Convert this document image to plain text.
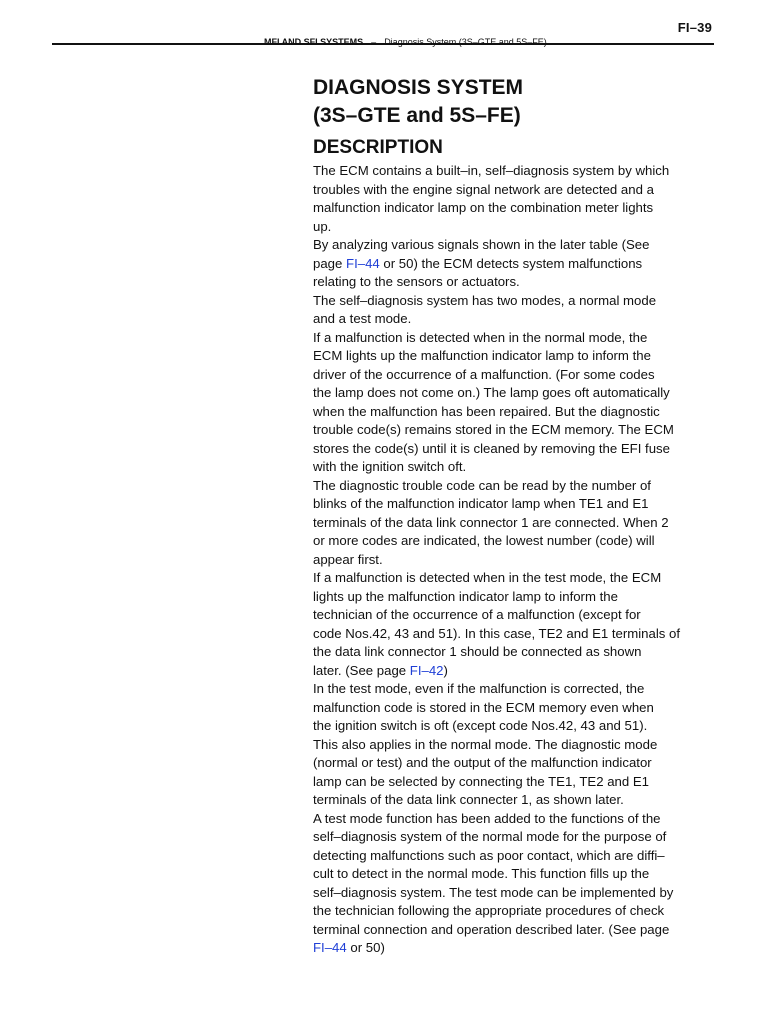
FI–39
MFI AND SFI SYSTEMS – Diagnosis System (3S–GTE and 5S–FE)
DIAGNOSIS SYSTEM
(3S–GTE and 5S–FE)
DESCRIPTION

The ECM contains a built–in, self–diagnosis system by which
troubles with the engine signal network are detected and a
malfunction indicator lamp on the combination meter lights
up.

By analyzing various signals shown in the later table (See
page FI–44 or 50) the ECM detects system malfunctions
relating to the sensors or actuators.

The self–diagnosis system has two modes, a normal mode
and a test mode.

If a malfunction is detected when in the normal mode, the
ECM lights up the malfunction indicator lamp to inform the
driver of the occurrence of a malfunction. (For some codes
the lamp does not come on.) The lamp goes oft automatically
when the malfunction has been repaired. But the diagnostic
trouble code(s) remains stored in the ECM memory. The ECM
stores the code(s) until it is cleaned by removing the EFI fuse
with the ignition switch oft.

The diagnostic trouble code can be read by the number of
blinks of the malfunction indicator lamp when TE1 and E1
terminals of the data link connector 1 are connected. When 2
or more codes are indicated, the lowest number (code) will
appear first.

If a malfunction is detected when in the test mode, the ECM
lights up the malfunction indicator lamp to inform the
technician of the occurrence of a malfunction (except for
code Nos.42, 43 and 51). In this case, TE2 and E1 terminals of
the data link connector 1 should be connected as shown
later. (See page FI–42)

In the test mode, even if the malfunction is corrected, the
malfunction code is stored in the ECM memory even when
the ignition switch is oft (except code Nos.42, 43 and 51).
This also applies in the normal mode. The diagnostic mode
(normal or test) and the output of the malfunction indicator
lamp can be selected by connecting the TE1, TE2 and E1
terminals of the data link connecter 1, as shown later.

A test mode function has been added to the functions of the
self–diagnosis system of the normal mode for the purpose of
detecting malfunctions such as poor contact, which are diffi–
cult to detect in the normal mode. This function fills up the
self–diagnosis system. The test mode can be implemented by
the technician following the appropriate procedures of check
terminal connection and operation described later. (See page
FI–44 or 50)
